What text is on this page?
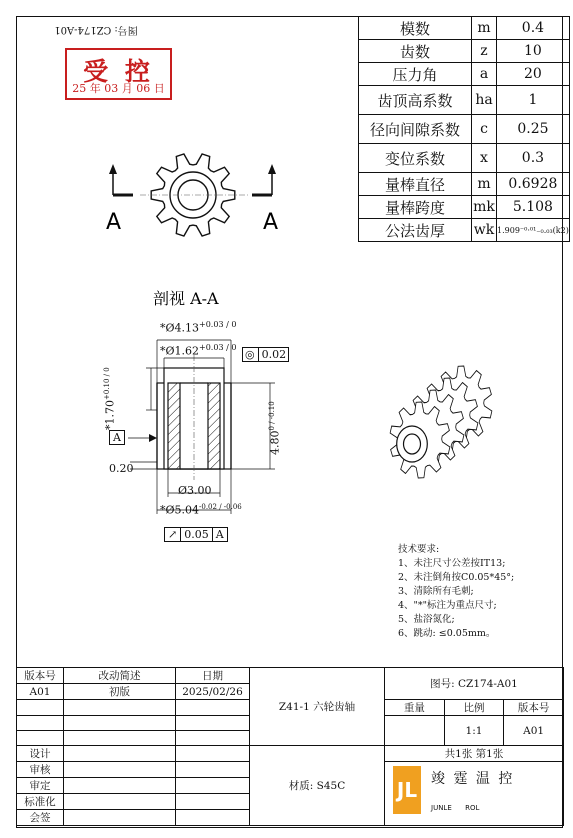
图号: CZ174-A01
受 控
25 年 03 月 06 日
模数	m	0.4
齿数	z	10
压力角	a	20
齿顶高系数	ha	1
径向间隙系数	c	0.25
变位系数	x	0.3
量棒直径	m	0.6928
量棒跨度	mk	5.108
公法齿厚	wk	1.909⁻⁰·⁰¹₋₀.₀₃(k2)
A	A
剖视 A-A
$*Ø4.13^{+0.03 / 0}$
$*Ø1.62^{+0.03 / 0}$
◎ 0.02
$*1.70^{+0.10 / 0}$
$4.80^{0 / -0.10}$
A
0.20
Ø3.00
$*Ø5.04^{-0.02 / -0.06}$
↗ 0.05 A
技术要求:
1、未注尺寸公差按IT13;
2、未注倒角按C0.05*45°;
3、清除所有毛刺;
4、"*"标注为重点尺寸;
5、盐浴氮化;
6、跳动: ≤0.05mm。
版本号	改动简述	日期	Z41-1 六轮齿轴	图号: CZ174-A01		
A01	初版	2025/02/26				
				重量	比例	版本号
					1:1	A01

设计			材质: S45C	共1张 第1张		
审核				JL 竣 霆 温 控
JUNLE      ROL		

审定						
标准化						
会签						
